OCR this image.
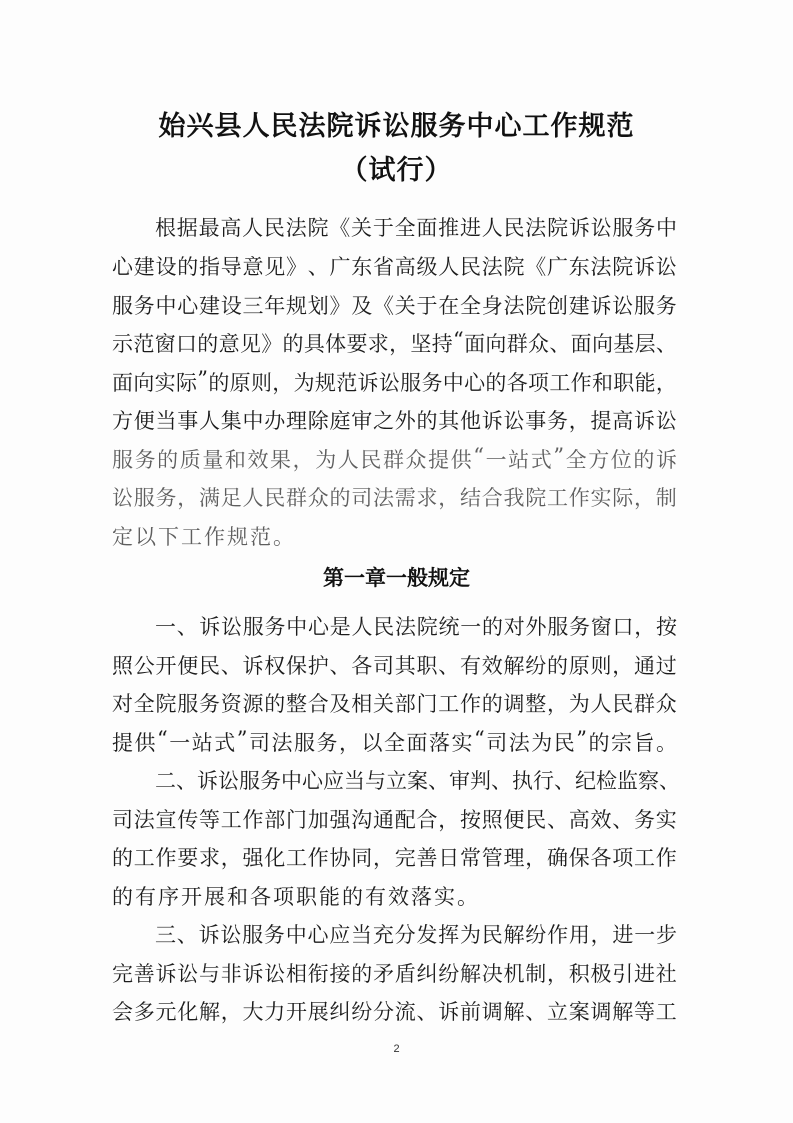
始兴县人民法院诉讼服务中心工作规范
（试行）
根 据 最 高 人 民 法 院 《 关 于 全 面 推 进 人 民 法 院 诉 讼 服 务 中
心 建 设 的 指 导 意 见 》 、 广 东 省 高 级 人 民 法 院 《 广 东 法 院 诉 讼
服 务 中 心 建 设 三 年 规 划 》 及 《 关 于 在 全 身 法 院 创 建 诉 讼 服 务
示 范 窗 口 的 意 见 》 的 具 体 要 求 ， 坚 持 “ 面 向 群 众 、 面 向 基 层 、
面 向 实 际 ” 的 原 则 ， 为 规 范 诉 讼 服 务 中 心 的 各 项 工 作 和 职 能 ，
方 便 当 事 人 集 中 办 理 除 庭 审 之 外 的 其 他 诉 讼 事 务 ， 提 高 诉 讼
服 务 的 质 量 和 效 果 ， 为 人 民 群 众 提 供 “ 一 站 式 ” 全 方 位 的 诉
讼 服 务 ， 满 足 人 民 群 众 的 司 法 需 求 ， 结 合 我 院 工 作 实 际 ， 制
定以下工作规范。
第一章一般规定
一 、 诉 讼 服 务 中 心 是 人 民 法 院 统 一 的 对 外 服 务 窗 口 ， 按
照 公 开 便 民 、 诉 权 保 护 、 各 司 其 职 、 有 效 解 纷 的 原 则 ， 通 过
对 全 院 服 务 资 源 的 整 合 及 相 关 部 门 工 作 的 调 整 ， 为 人 民 群 众
提 供 “ 一 站 式 ” 司 法 服 务 ， 以 全 面 落 实 “ 司 法 为 民 ” 的 宗 旨 。
二 、 诉 讼 服 务 中 心 应 当 与 立 案 、 审 判 、 执 行 、 纪 检 监 察 、
司 法 宣 传 等 工 作 部 门 加 强 沟 通 配 合 ， 按 照 便 民 、 高 效 、 务 实
的 工 作 要 求 ， 强 化 工 作 协 同 ， 完 善 日 常 管 理 ， 确 保 各 项 工 作
的有序开展和各项职能的有效落实。
三 、 诉 讼 服 务 中 心 应 当 充 分 发 挥 为 民 解 纷 作 用 ， 进 一 步
完 善 诉 讼 与 非 诉 讼 相 衔 接 的 矛 盾 纠 纷 解 决 机 制 ， 积 极 引 进 社
会 多 元 化 解 ， 大 力 开 展 纠 纷 分 流 、 诉 前 调 解 、 立 案 调 解 等 工
2
